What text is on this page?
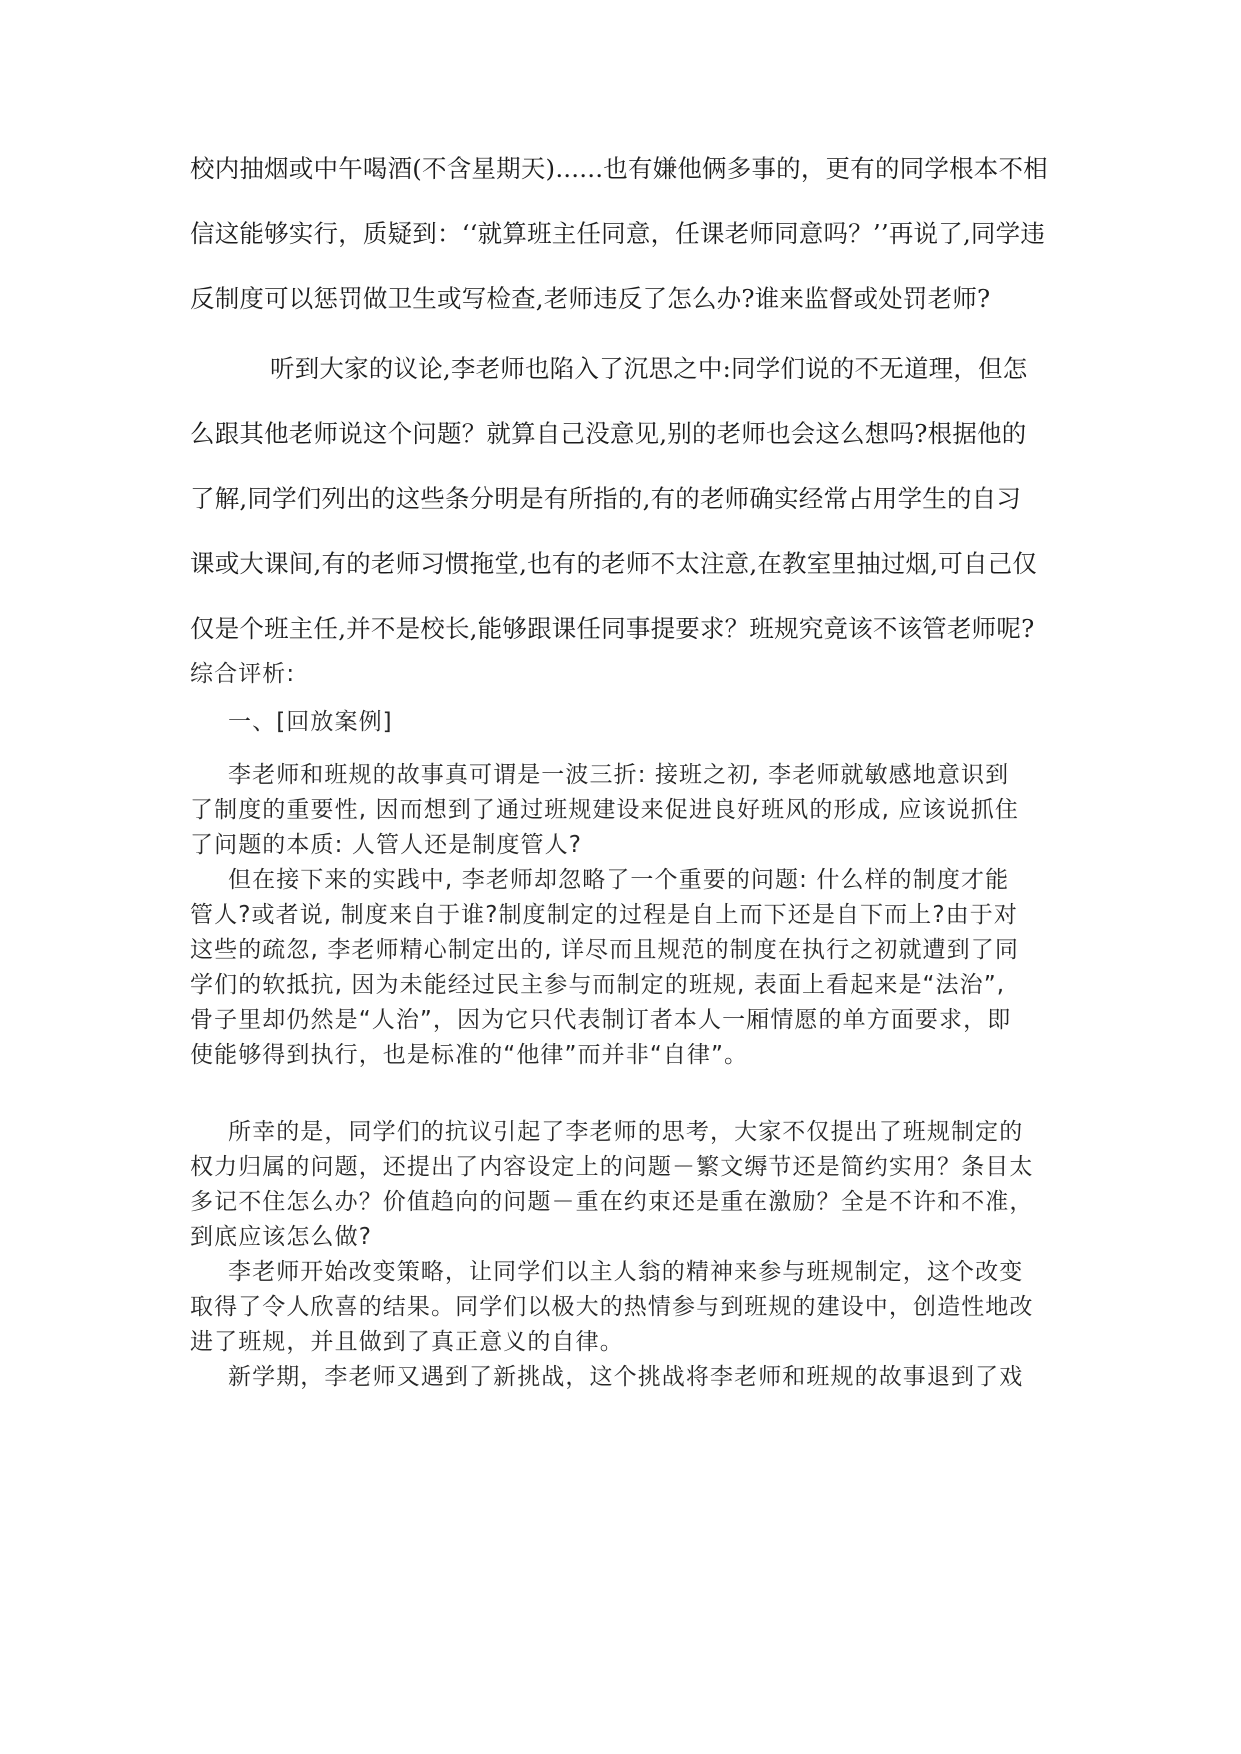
校内抽烟或中午喝酒(不含星期天)......也有嫌他俩多事的，更有的同学根本不相
信这能够实行，质疑到：‘‘就算班主任同意，任课老师同意吗？’’再说了,同学违
反制度可以惩罚做卫生或写检查,老师违反了怎么办?谁来监督或处罚老师?
听到大家的议论,李老师也陷入了沉思之中:同学们说的不无道理，但怎
么跟其他老师说这个问题？就算自己没意见,别的老师也会这么想吗?根据他的
了解,同学们列出的这些条分明是有所指的,有的老师确实经常占用学生的自习
课或大课间,有的老师习惯拖堂,也有的老师不太注意,在教室里抽过烟,可自己仅
仅是个班主任,并不是校长,能够跟课任同事提要求？班规究竟该不该管老师呢?
综合评析:
一、[回放案例]
李老师和班规的故事真可谓是一波三折: 接班之初, 李老师就敏感地意识到
了制度的重要性, 因而想到了通过班规建设来促进良好班风的形成, 应该说抓住
了问题的本质: 人管人还是制度管人?
但在接下来的实践中, 李老师却忽略了一个重要的问题: 什么样的制度才能
管人?或者说, 制度来自于谁?制度制定的过程是自上而下还是自下而上?由于对
这些的疏忽, 李老师精心制定出的, 详尽而且规范的制度在执行之初就遭到了同
学们的软抵抗, 因为未能经过民主参与而制定的班规, 表面上看起来是“法治”,
骨子里却仍然是“人治”，因为它只代表制订者本人一厢情愿的单方面要求，即
使能够得到执行，也是标准的“他律”而并非“自律”。
所幸的是，同学们的抗议引起了李老师的思考，大家不仅提出了班规制定的
权力归属的问题，还提出了内容设定上的问题－繁文缛节还是简约实用？条目太
多记不住怎么办？价值趋向的问题－重在约束还是重在激励？全是不许和不准，
到底应该怎么做?
李老师开始改变策略，让同学们以主人翁的精神来参与班规制定，这个改变
取得了令人欣喜的结果。同学们以极大的热情参与到班规的建设中，创造性地改
进了班规，并且做到了真正意义的自律。
新学期，李老师又遇到了新挑战，这个挑战将李老师和班规的故事退到了戏
